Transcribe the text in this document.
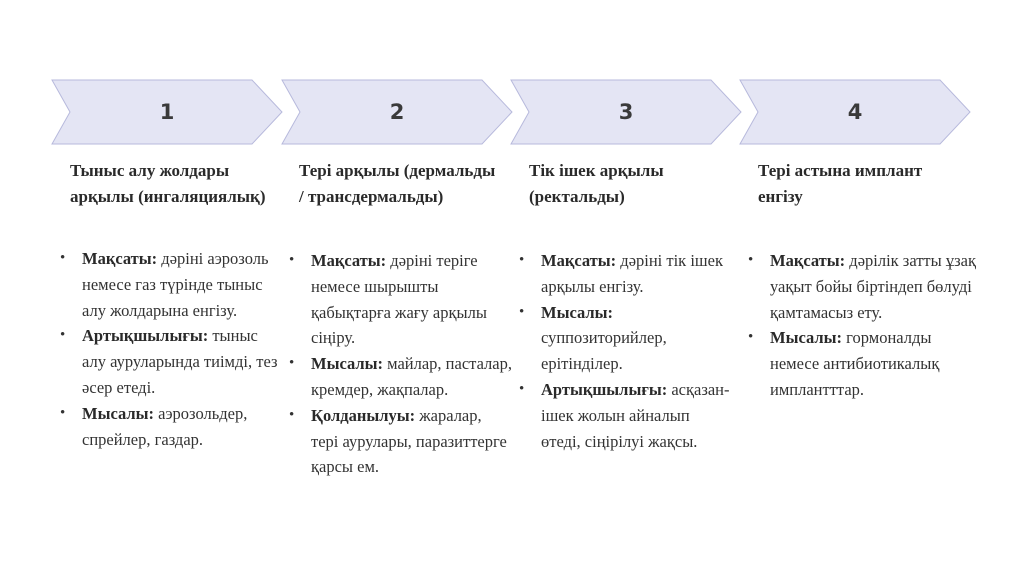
1	2	3	4

Тыныс алу жолдары арқылы (ингаляциялық)

• Мақсаты: дәріні аэрозоль немесе газ түрінде тыныс алу жолдарына енгізу.
• Артықшылығы: тыныс алу ауруларында тиімді, тез әсер етеді.
• Мысалы: аэрозольдер, спрейлер, газдар.

Тері арқылы (дермальды / трансдермальды)

• Мақсаты: дәріні теріге немесе шырышты қабықтарға жағу арқылы сіңіру.
• Мысалы: майлар, пасталар, кремдер, жақпалар.
• Қолданылуы: жаралар, тері аурулары, паразиттерге қарсы ем.

Тік ішек арқылы (ректальды)

• Мақсаты: дәріні тік ішек арқылы енгізу.
• Мысалы: суппозиторийлер, ерітінділер.
• Артықшылығы: асқазан-ішек жолын айналып өтеді, сіңірілуі жақсы.

Тері астына имплант енгізу

• Мақсаты: дәрілік затты ұзақ уақыт бойы біртіндеп бөлуді қамтамасыз ету.
• Мысалы: гормоналды немесе антибиотикалық имплантттар.
